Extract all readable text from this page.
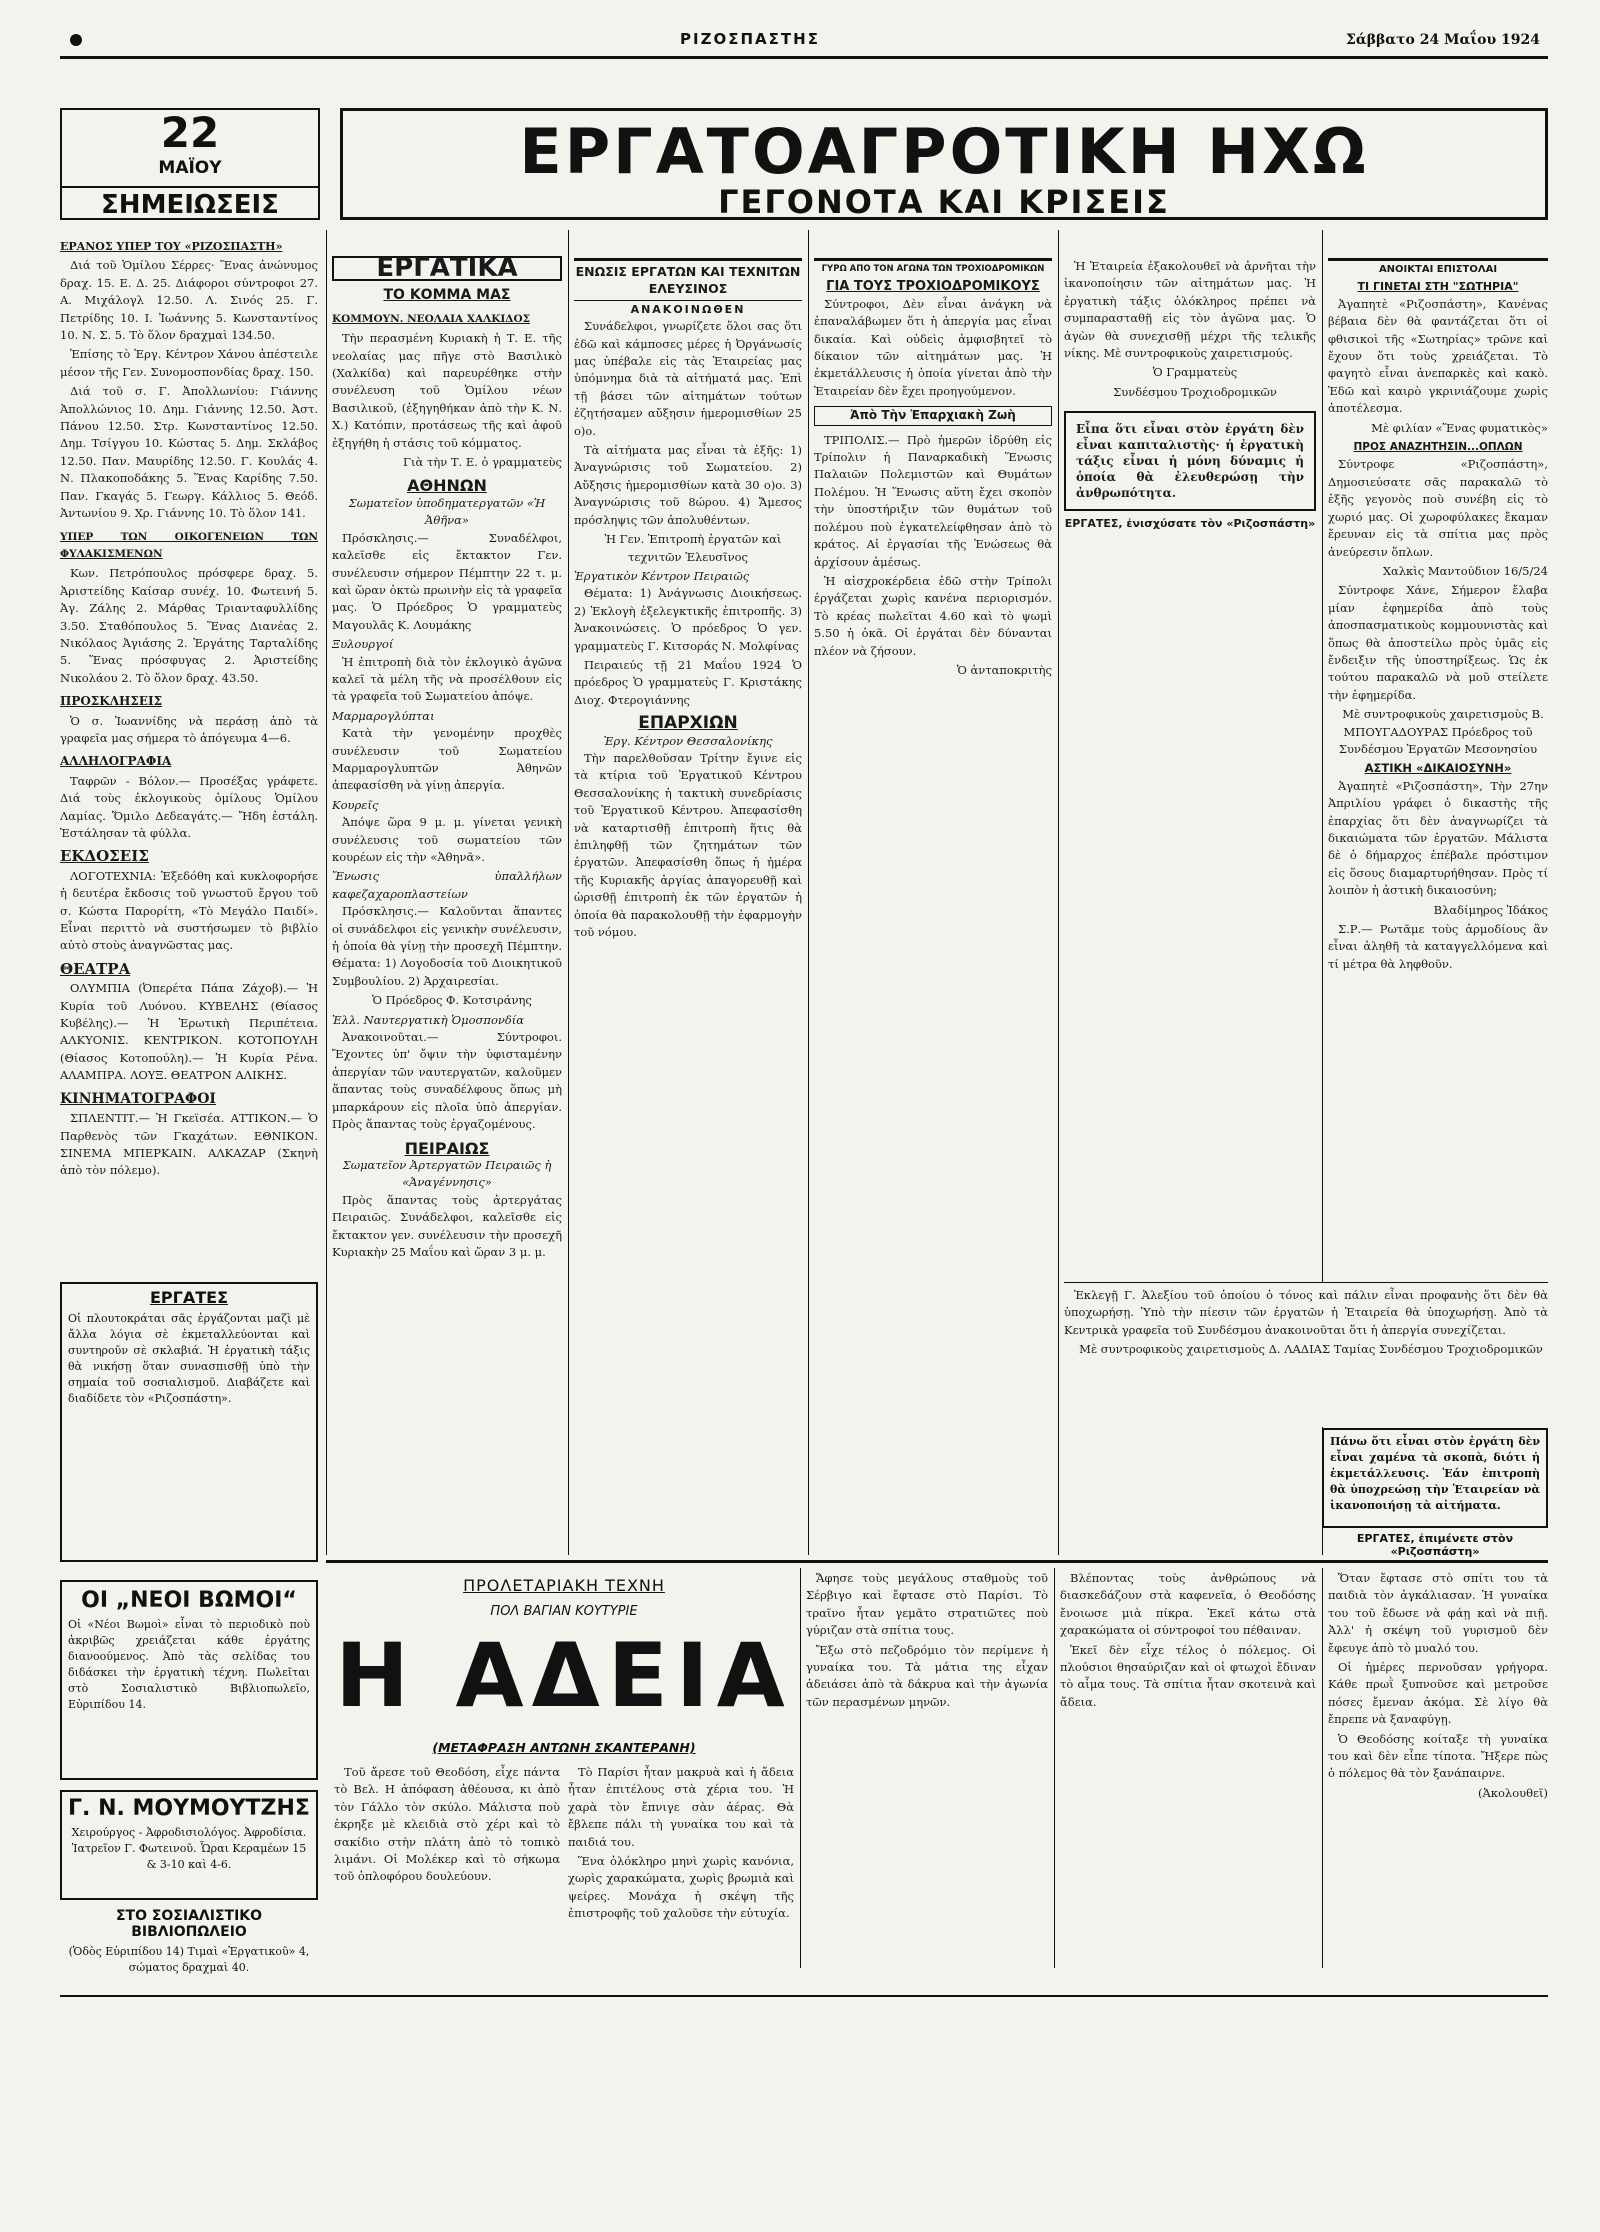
ΡΙΖΟΣΠΑΣΤΗΣ	Σάββατο 24 Μαΐου 1924
22
ΜΑΪΟΥ
ΣΗΜΕΙΩΣΕΙΣ
ΕΡΓΑΤΟΑΓΡΟΤΙΚΗ ΗΧΩ
ΓΕΓΟΝΟΤΑ ΚΑΙ ΚΡΙΣΕΙΣ
ΕΡΑΝΟΣ ΥΠΕΡ ΤΟΥ «ΡΙΖΟΣΠΑΣΤΗ»

Διά τοῦ Ὁμίλου Σέρρες· Ἕνας ἀνώνυμος δραχ. 15. Ε. Δ. 25. Διάφοροι σύντροφοι 27. Α. Μιχάλογλ 12.50. Λ. Σινός 25. Γ. Πετρίδης 10. Ι. Ἰωάννης 5. Κωνσταντίνος 10. Ν. Σ. 5. Τὸ ὅλον δραχμαὶ 134.50.

Ἐπίσης τὸ Ἐργ. Κέντρον Χάνου ἀπέστειλε μέσον τῆς Γεν. Συνομοσπονδίας δραχ. 150.

Διά τοῦ σ. Γ. Ἀπολλωνίου: Γιάννης Ἀπολλώνιος 10. Δημ. Γιάννης 12.50. Ἀστ. Πάνου 12.50. Στρ. Κωνσταντίνος 12.50. Δημ. Τσίγγου 10. Κώστας 5. Δημ. Σκλάβος 12.50. Παν. Μαυρίδης 12.50. Γ. Κουλάς 4. Ν. Πλακοποδάκης 5. Ἕνας Καρίδης 7.50. Παν. Γκαγάς 5. Γεωργ. Κάλλιος 5. Θεόδ. Ἀντωνίου 9. Χρ. Γιάννης 10. Τὸ ὅλον 141.

ΥΠΕΡ ΤΩΝ ΟΙΚΟΓΕΝΕΙΩΝ ΤΩΝ ΦΥΛΑΚΙΣΜΕΝΩΝ

Κων. Πετρόπουλος πρόσφερε δραχ. 5. Ἀριστείδης Καίσαρ συνέχ. 10. Φωτεινή 5. Ἀγ. Ζάλης 2. Μάρθας Τριανταφυλλίδης 3.50. Σταθόπουλος 5. Ἕνας Διανέας 2. Νικόλαος Ἀγιάσης 2. Ἐργάτης Ταρταλίδης 5. Ἕνας πρόσφυγας 2. Ἀριστείδης Νικολάου 2. Τὸ ὅλον δραχ. 43.50.

ΠΡΟΣΚΛΗΣΕΙΣ

Ὁ σ. Ἰωαννίδης νὰ περάσῃ ἀπὸ τὰ γραφεῖα μας σήμερα τὸ ἀπόγευμα 4—6.

ΑΛΛΗΛΟΓΡΑΦΙΑ

Ταφρῶν - Βόλον.— Προσέξας γράφετε. Διά τοὺς ἐκλογικοὺς ὁμίλους Ὁμίλου Λαμίας. Ὅμιλο Δεδεαγάτς.— Ἤδη ἐστάλη. Ἐστάλησαν τὰ φύλλα.

ΕΚΔΟΣΕΙΣ

ΛΟΓΟΤΕΧΝΙΑ: Ἐξεδόθη καὶ κυκλοφορήσε ἡ δευτέρα ἔκδοσις τοῦ γνωστοῦ ἔργου τοῦ σ. Κώστα Παρορίτη, «Τὸ Μεγάλο Παιδί». Εἶναι περιττὸ νὰ συστήσωμεν τὸ βιβλίο αὐτὸ στοὺς ἀναγνῶστας μας.

ΘΕΑΤΡΑ

ΟΛΥΜΠΙΑ (Ὀπερέτα Πάπα Ζάχοβ).— Ἡ Κυρία τοῦ Λυόνου. ΚΥΒΕΛΗΣ (Θίασος Κυβέλης).— Ἡ Ἐρωτικὴ Περιπέτεια. ΑΛΚΥΟΝΙΣ. ΚΕΝΤΡΙΚΟΝ. ΚΟΤΟΠΟΥΛΗ (Θίασος Κοτοπούλη).— Ἡ Κυρία Ρένα. ΑΛΑΜΠΡΑ. ΛΟΥΞ. ΘΕΑΤΡΟΝ ΑΛΙΚΗΣ.

ΚΙΝΗΜΑΤΟΓΡΑΦΟΙ

ΣΠΛΕΝΤΙΤ.— Ἡ Γκεϊσέα. ΑΤΤΙΚΟΝ.— Ὁ Παρθενὸς τῶν Γκαχάτων. ΕΘΝΙΚΟΝ. ΣΙΝΕΜΑ ΜΠΕΡΚΑΙΝ. ΑΛΚΑΖΑΡ (Σκηνὴ ἀπὸ τὸν πόλεμο).

ΕΡΓΑΤΕΣ
Οἱ πλουτοκράται σᾶς ἐργάζονται μαζὶ μὲ ἄλλα λόγια σὲ ἐκμεταλλεύονται καὶ συντηροῦν σὲ σκλαβιά. Ἡ ἐργατικὴ τάξις θὰ νικήσῃ ὅταν συνασπισθῇ ὑπὸ τὴν σημαία τοῦ σοσιαλισμοῦ. Διαβάζετε καὶ διαδίδετε τὸν «Ριζοσπάστη».
ΕΡΓΑΤΙΚΑ
ΤΟ ΚΟΜΜΑ ΜΑΣ
ΚΟΜΜΟΥΝ. ΝΕΟΛΑΙΑ ΧΑΛΚΙΔΟΣ

Τὴν περασμένη Κυριακὴ ἡ Τ. Ε. τῆς νεολαίας μας πῆγε στὸ Βασιλικὸ (Χαλκίδα) καὶ παρευρέθηκε στὴν συνέλευση τοῦ Ὁμίλου νέων Βασιλικοῦ, (ἐξηγηθήκαν ἀπὸ τὴν Κ. Ν. Χ.) Κατόπιν, προτάσεως τῆς καὶ ἀφοῦ ἐξηγήθη ἡ στάσις τοῦ κόμματος.

Γιὰ τὴν Τ. Ε. ὁ γραμματεὺς

ΑΘΗΝΩΝ
Σωματεῖον ὑποδηματεργατῶν «Ἡ Ἀθῆνα»

Πρόσκλησις.— Συναδέλφοι, καλεῖσθε εἰς ἔκτακτον Γεν. συνέλευσιν σήμερον Πέμπτην 22 τ. μ. καὶ ὥραν ὀκτὼ πρωινὴν εἰς τὰ γραφεῖα μας. Ὁ Πρόεδρος Ὁ γραμματεὺς Μαγουλᾶς Κ. Λουμάκης

Ξυλουργοί

Ἡ ἐπιτροπὴ διὰ τὸν ἐκλογικὸ ἀγῶνα καλεῖ τὰ μέλη τῆς νὰ προσέλθουν εἰς τὰ γραφεῖα τοῦ Σωματείου ἀπόψε.

Μαρμαρογλύπται

Κατὰ τὴν γενομένην προχθὲς συνέλευσιν τοῦ Σωματείου Μαρμαρογλυπτῶν Ἀθηνῶν ἀπεφασίσθη νὰ γίνῃ ἀπεργία.

Κουρεῖς

Ἀπόψε ὥρα 9 μ. μ. γίνεται γενικὴ συνέλευσις τοῦ σωματείου τῶν κουρέων εἰς τὴν «Ἀθηνᾶ».

Ἕνωσις ὑπαλλήλων καφεζαχαροπλαστείων

Πρόσκλησις.— Καλοῦνται ἅπαντες οἱ συνάδελφοι εἰς γενικὴν συνέλευσιν, ἡ ὁποία θὰ γίνῃ τὴν προσεχῆ Πέμπτην. Θέματα: 1) Λογοδοσία τοῦ Διοικητικοῦ Συμβουλίου. 2) Ἀρχαιρεσίαι.

Ὁ Πρόεδρος Φ. Κοτσιράνης

Ἑλλ. Ναυτεργατικὴ Ὁμοσπονδία

Ἀνακοινοῦται.— Σύντροφοι. Ἔχοντες ὑπ' ὄψιν τὴν ὑφισταμένην ἀπεργίαν τῶν ναυτεργατῶν, καλοῦμεν ἅπαντας τοὺς συναδέλφους ὅπως μὴ μπαρκάρουν εἰς πλοῖα ὑπὸ ἀπεργίαν. Πρὸς ἅπαντας τοὺς ἐργαζομένους.

ΠΕΙΡΑΙΩΣ
Σωματεῖον Ἀρτεργατῶν Πειραιῶς ἡ «Ἀναγέννησις»

Πρὸς ἅπαντας τοὺς ἀρτεργάτας Πειραιῶς. Συνάδελφοι, καλεῖσθε εἰς ἔκτακτον γεν. συνέλευσιν τὴν προσεχῆ Κυριακὴν 25 Μαΐου καὶ ὥραν 3 μ. μ.

ΕΝΩΣΙΣ ΕΡΓΑΤΩΝ ΚΑΙ ΤΕΧΝΙΤΩΝ ΕΛΕΥΣΙΝΟΣ
ΑΝΑΚΟΙΝΩΘΕΝ

Συνάδελφοι, γνωρίζετε ὅλοι σας ὅτι ἐδῶ καὶ κάμποσες μέρες ἡ Ὀργάνωσίς μας ὑπέβαλε εἰς τὰς Ἑταιρείας μας ὑπόμνημα διὰ τὰ αἰτήματά μας. Ἐπὶ τῇ βάσει τῶν αἰτημάτων τούτων ἐζητήσαμεν αὔξησιν ἡμερομισθίων 25 ο)ο.

Τὰ αἰτήματα μας εἶναι τὰ ἑξῆς: 1) Ἀναγνώρισις τοῦ Σωματείου. 2) Αὔξησις ἡμερομισθίων κατὰ 30 ο)ο. 3) Ἀναγνώρισις τοῦ 8ώρου. 4) Ἄμεσος πρόσληψις τῶν ἀπολυθέντων.

Ἡ Γεν. Ἐπιτροπὴ ἐργατῶν καὶ τεχνιτῶν Ἐλευσῖνος

Ἐργατικὸν Κέντρον Πειραιῶς

Θέματα: 1) Ἀνάγνωσις Διοικήσεως. 2) Ἐκλογὴ ἐξελεγκτικῆς ἐπιτροπῆς. 3) Ἀνακοινώσεις. Ὁ πρόεδρος Ὁ γεν. γραμματεὺς Γ. Κιτσοράς Ν. Μολφίνας

Πειραιεύς τῇ 21 Μαΐου 1924 Ὁ πρόεδρος Ὁ γραμματεὺς Γ. Κριστάκης Διοχ. Φτερογιάννης

ΕΠΑΡΧΙΩΝ
Ἐργ. Κέντρον Θεσσαλονίκης

Τὴν παρελθοῦσαν Τρίτην ἔγινε εἰς τὰ κτίρια τοῦ Ἐργατικοῦ Κέντρου Θεσσαλονίκης ἡ τακτικὴ συνεδρίασις τοῦ Ἐργατικοῦ Κέντρου. Ἀπεφασίσθη νὰ καταρτισθῇ ἐπιτροπὴ ἥτις θὰ ἐπιληφθῇ τῶν ζητημάτων τῶν ἐργατῶν. Ἀπεφασίσθη ὅπως ἡ ἡμέρα τῆς Κυριακῆς ἀργίας ἀπαγορευθῇ καὶ ὡρισθῇ ἐπιτροπὴ ἐκ τῶν ἐργατῶν ἡ ὁποία θὰ παρακολουθῇ τὴν ἐφαρμογὴν τοῦ νόμου.

ΓΥΡΩ ΑΠΟ ΤΟΝ ΑΓΩΝΑ ΤΩΝ ΤΡΟΧΙΟΔΡΟΜΙΚΩΝ
ΓΙΑ ΤΟΥΣ ΤΡΟΧΙΟΔΡΟΜΙΚΟΥΣ

Σύντροφοι, Δὲν εἶναι ἀνάγκη νὰ ἐπαναλάβωμεν ὅτι ἡ ἀπεργία μας εἶναι δικαία. Καὶ οὐδεὶς ἀμφισβητεῖ τὸ δίκαιον τῶν αἰτημάτων μας. Ἡ ἐκμετάλλευσις ἡ ὁποία γίνεται ἀπὸ τὴν Ἑταιρείαν δὲν ἔχει προηγούμενον.

Ἀπὸ Τὴν Ἐπαρχιακὴ Ζωὴ

ΤΡΙΠΟΛΙΣ.— Πρὸ ἡμερῶν ἱδρύθη εἰς Τρίπολιν ἡ Παναρκαδικὴ Ἕνωσις Παλαιῶν Πολεμιστῶν καὶ Θυμάτων Πολέμου. Ἡ Ἕνωσις αὕτη ἔχει σκοπὸν τὴν ὑποστήριξιν τῶν θυμάτων τοῦ πολέμου ποὺ ἐγκατελείφθησαν ἀπὸ τὸ κράτος. Αἱ ἐργασίαι τῆς Ἑνώσεως θὰ ἀρχίσουν ἀμέσως.

Ἡ αἰσχροκέρδεια ἐδῶ στὴν Τρίπολι ἐργάζεται χωρὶς κανένα περιορισμόν. Τὸ κρέας πωλεῖται 4.60 καὶ τὸ ψωμὶ 5.50 ἡ ὀκᾶ. Οἱ ἐργάται δὲν δύνανται πλέον νὰ ζήσουν.

Ὁ ἀνταποκριτὴς

Ἡ Ἑταιρεία ἐξακολουθεῖ νὰ ἀρνῆται τὴν ἱκανοποίησιν τῶν αἰτημάτων μας. Ἡ ἐργατικὴ τάξις ὁλόκληρος πρέπει νὰ συμπαρασταθῇ εἰς τὸν ἀγῶνα μας. Ὁ ἀγὼν θὰ συνεχισθῇ μέχρι τῆς τελικῆς νίκης. Μὲ συντροφικοὺς χαιρετισμούς.

Ὁ Γραμματεὺς

Συνδέσμου Τροχιοδρομικῶν

Εἶπα ὅτι εἶναι στὸν ἐργάτη δὲν εἶναι καπιταλιστὴς· ἡ ἐργατικὴ τάξις εἶναι ἡ μόνη δύναμις ἡ ὁποία θὰ ἐλευθερώσῃ τὴν ἀνθρωπότητα.
ΕΡΓΑΤΕΣ, ἐνισχύσατε τὸν «Ριζοσπάστη»
ΑΝΟΙΚΤΑΙ ΕΠΙΣΤΟΛΑΙ
ΤΙ ΓΙΝΕΤΑΙ ΣΤΗ "ΣΩΤΗΡΙΑ"

Ἀγαπητὲ «Ριζοσπάστη», Κανένας βέβαια δὲν θὰ φαντάζεται ὅτι οἱ φθισικοὶ τῆς «Σωτηρίας» τρῶνε καὶ ἔχουν ὅτι τοὺς χρειάζεται. Τὸ φαγητὸ εἶναι ἀνεπαρκὲς καὶ κακὸ. Ἐδῶ καὶ καιρὸ γκρινιάζουμε χωρὶς ἀποτέλεσμα.

Μὲ φιλίαν «Ἕνας φυματικὸς»

ΠΡΟΣ ΑΝΑΖΗΤΗΣΙΝ...ΟΠΛΩΝ

Σύντροφε «Ριζοσπάστη», Δημοσιεύσατε σᾶς παρακαλῶ τὸ ἑξῆς γεγονὸς ποὺ συνέβη εἰς τὸ χωριό μας. Οἱ χωροφύλακες ἔκαμαν ἔρευναν εἰς τὰ σπίτια μας πρὸς ἀνεύρεσιν ὅπλων.

Χαλκὶς Μαντούδιον 16/5/24

Σύντροφε Χάνε, Σήμερον ἔλαβα μίαν ἐφημερίδα ἀπὸ τοὺς ἀποσπασματικοὺς κομμουνιστὰς καὶ ὅπως θὰ ἀποστείλω πρὸς ὑμᾶς εἰς ἔνδειξιν τῆς ὑποστηρίξεως. Ὡς ἐκ τούτου παρακαλῶ νὰ μοῦ στείλετε τὴν ἐφημερίδα.

Μὲ συντροφικοὺς χαιρετισμοὺς Β. ΜΠΟΥΓΑΔΟΥΡΑΣ Πρόεδρος τοῦ Συνδέσμου Ἐργατῶν Μεσονησίου

ΑΣΤΙΚΗ «ΔΙΚΑΙΟΣΥΝΗ»

Ἀγαπητὲ «Ριζοσπάστη», Τὴν 27ην Ἀπριλίου γράφει ὁ δικαστὴς τῆς ἐπαρχίας ὅτι δὲν ἀναγνωρίζει τὰ δικαιώματα τῶν ἐργατῶν. Μάλιστα δὲ ὁ δήμαρχος ἐπέβαλε πρόστιμον εἰς ὅσους διαμαρτυρήθησαν. Πρὸς τί λοιπὸν ἡ ἀστικὴ δικαιοσύνη;

Βλαδίμηρος Ἰδάκος

Σ.Ρ.— Ρωτᾶμε τοὺς ἀρμοδίους ἂν εἶναι ἀληθῆ τὰ καταγγελλόμενα καὶ τί μέτρα θὰ ληφθοῦν.

Ἐκλεγῇ Γ. Ἀλεξίου τοῦ ὁποίου ὁ τόνος καὶ πάλιν εἶναι προφανὴς ὅτι δὲν θὰ ὑποχωρήσῃ. Ὑπὸ τὴν πίεσιν τῶν ἐργατῶν ἡ Ἑταιρεία θὰ ὑποχωρήσῃ. Ἀπὸ τὰ Κεντρικὰ γραφεῖα τοῦ Συνδέσμου ἀνακοινοῦται ὅτι ἡ ἀπεργία συνεχίζεται.

Μὲ συντροφικοὺς χαιρετισμοὺς Δ. ΛΑΔΙΑΣ Ταμίας Συνδέσμου Τροχιοδρομικῶν

Πάνω ὅτι εἶναι στὸν ἐργάτη δὲν εἶναι χαμένα τὰ σκοπὰ, διότι ἡ ἐκμετάλλευσις. Ἐάν ἐπιτροπὴ θὰ ὑποχρεώσῃ τὴν Ἑταιρείαν νὰ ἱκανοποιήσῃ τὰ αἰτήματα.
ΕΡΓΑΤΕΣ, ἐπιμένετε στὸν «Ριζοσπάστη»
ΟΙ „ΝΕΟΙ ΒΩΜΟΙ“
Οἱ «Νέοι Βωμοὶ» εἶναι τὸ περιοδικὸ ποὺ ἀκριβῶς χρειάζεται κάθε ἐργάτης διανοούμενος. Ἀπὸ τὰς σελίδας του διδάσκει τὴν ἐργατικὴ τέχνη. Πωλεῖται στὸ Σοσιαλιστικὸ Βιβλιοπωλεῖο, Εὐριπίδου 14.
Γ. Ν. ΜΟΥΜΟΥΤΖΗΣ
Χειρούργος - Ἀφροδισιολόγος. Ἀφροδίσια. Ἰατρεῖον Γ. Φωτεινοῦ. Ὧραι Κεραμέων 15 & 3-10 καὶ 4-6.
ΣΤΟ ΣΟΣΙΑΛΙΣΤΙΚΟ ΒΙΒΛΙΟΠΩΛΕΙΟ
(Ὁδὸς Εὐριπίδου 14) Τιμαὶ «Ἐργατικοῦ» 4, σώματος δραχμαὶ 40.
ΠΡΟΛΕΤΑΡΙΑΚΗ ΤΕΧΝΗ
ΠΟΛ ΒΑΓΙΑΝ ΚΟΥΤΥΡΙΕ
Η ΑΔΕΙΑ
(ΜΕΤΑΦΡΑΣΗ ΑΝΤΩΝΗ ΣΚΑΝΤΕΡΑΝΗ)

Τοῦ ἄρεσε τοῦ Θεοδόση, εἶχε πάντα τὸ Βελ. Η ἀπόφαση ἀθέουσα, κι ἀπὸ τὸν Γάλλο τὸν σκύλο. Μάλιστα ποὺ ἐκρηξε μὲ κλειδιὰ στὸ χέρι καὶ τὸ σακίδιο στὴν πλάτη ἀπὸ τὸ τοπικὸ λιμάνι. Οἱ Μολέκερ καὶ τὸ σήκωμα τοῦ ὁπλοφόρου δουλεύουν.

Τὸ Παρίσι ἦταν μακρυὰ καὶ ἡ ἄδεια ἦταν ἐπιτέλους στὰ χέρια του. Ἡ χαρὰ τὸν ἔπνιγε σὰν ἀέρας. Θὰ ἔβλεπε πάλι τὴ γυναίκα του καὶ τὰ παιδιά του.

Ἕνα ὀλόκληρο μηνὶ χωρὶς κανόνια, χωρὶς χαρακώματα, χωρὶς βρωμιὰ καὶ ψείρες. Μονάχα ἡ σκέψη τῆς ἐπιστροφῆς τοῦ χαλοῦσε τὴν εὐτυχία.

Ἄφησε τοὺς μεγάλους σταθμοὺς τοῦ Σέρβιγο καὶ ἔφτασε στὸ Παρίσι. Τὸ τραῖνο ἦταν γεμᾶτο στρατιῶτες ποὺ γύριζαν στὰ σπίτια τους.

Ἔξω στὸ πεζοδρόμιο τὸν περίμενε ἡ γυναίκα του. Τὰ μάτια της εἶχαν ἀδειάσει ἀπὸ τὰ δάκρυα καὶ τὴν ἀγωνία τῶν περασμένων μηνῶν.

Βλέποντας τοὺς ἀνθρώπους νὰ διασκεδάζουν στὰ καφενεῖα, ὁ Θεοδόσης ἔνοιωσε μιὰ πίκρα. Ἐκεῖ κάτω στὰ χαρακώματα οἱ σύντροφοί του πέθαιναν.

Ἐκεῖ δὲν εἶχε τέλος ὁ πόλεμος. Οἱ πλούσιοι θησαύριζαν καὶ οἱ φτωχοὶ ἔδιναν τὸ αἷμα τους. Τὰ σπίτια ἦταν σκοτεινὰ καὶ ἄδεια.

Ὅταν ἔφτασε στὸ σπίτι του τὰ παιδιὰ τὸν ἀγκάλιασαν. Ἡ γυναίκα του τοῦ ἔδωσε νὰ φάῃ καὶ νὰ πιῇ. Ἀλλ' ἡ σκέψη τοῦ γυρισμοῦ δὲν ἔφευγε ἀπὸ τὸ μυαλό του.

Οἱ ἡμέρες περνοῦσαν γρήγορα. Κάθε πρωῒ ξυπνοῦσε καὶ μετροῦσε πόσες ἔμεναν ἀκόμα. Σὲ λίγο θὰ ἔπρεπε νὰ ξαναφύγῃ.

Ὁ Θεοδόσης κοίταξε τὴ γυναίκα του καὶ δὲν εἶπε τίποτα. Ἤξερε πὼς ὁ πόλεμος θὰ τὸν ξανάπαιρνε.

(Ἀκολουθεῖ)
